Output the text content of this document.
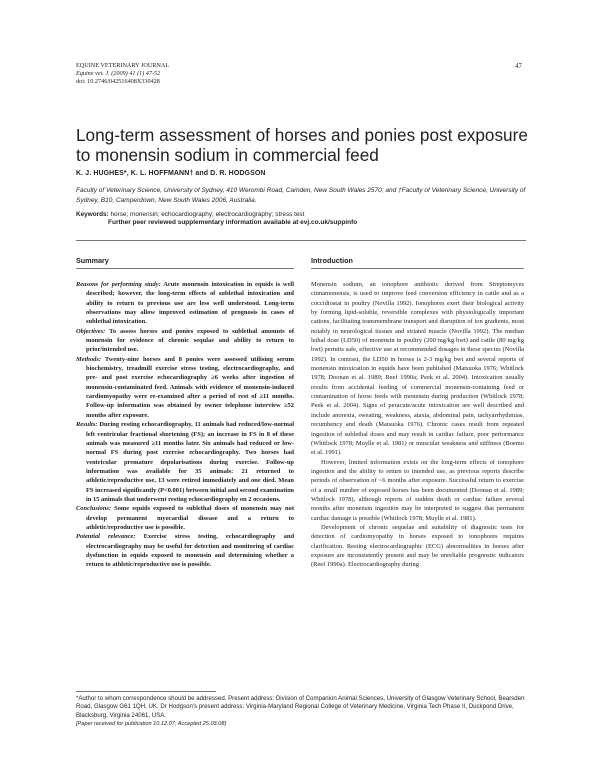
EQUINE VETERINARY JOURNAL
Equine vet. J. (2009) 41 (1) 47-52
doi: 10.2746/042516408X330428
47
Long-term assessment of horses and ponies post exposure to monensin sodium in commercial feed
K. J. HUGHES*, K. L. HOFFMANN† and D. R. HODGSON
Faculty of Veterinary Science, University of Sydney, 410 Werombi Road, Camden, New South Wales 2570; and †Faculty of Veterinary Science, University of Sydney, B10, Camperdown, New South Wales 2006, Australia.
Keywords: horse; monensin; echocardiography; electrocardiography; stress test
Further peer reviewed supplementary information available at evj.co.uk/suppinfo
Summary	Introduction

Reasons for performing study: Acute monensin intoxication in equids is well described; however, the long-term effects of sublethal intoxication and ability to return to previous use are less well understood. Long-term observations may allow improved estimation of prognosis in cases of sublethal intoxication.

Objectives: To assess horses and ponies exposed to sublethal amounts of monensin for evidence of chronic sequlae and ability to return to prior/intended use.

Methods: Twenty-nine horses and 8 ponies were assessed utilising serum biochemistry, treadmill exercise stress testing, electrocardiography, and pre- and post exercise echocardiography ≥6 weeks after ingestion of monensin-contaminated feed. Animals with evidence of monensin-induced cardiomyopathy were re-examined after a period of rest of ≥11 months. Follow-up information was obtained by owner telephone interview ≥52 months after exposure.

Results: During resting echocardiography, 11 animals had reduced/low-normal left ventricular fractional shortening (FS); an increase in FS in 8 of these animals was measured ≥11 months later. Six animals had reduced or low-normal FS during post exercise echocardiography. Two horses had ventricular premature depolarisations during exercise. Follow-up information was available for 35 animals: 21 returned to athletic/reproductive use, 13 were retired immediately and one died. Mean FS increased significantly (P<0.001) between initial and second examination in 15 animals that underwent resting echocardiography on 2 occasions.

Conclusions: Some equids exposed to sublethal doses of monensin may not develop permanent myocardial disease and a return to athletic/reproductive use is possible.

Potential relevance: Exercise stress testing, echocardiography and electrocardiography may be useful for detection and monitoring of cardiac dysfunction in equids exposed to monensin and determining whether a return to athletic/reproductive use is possible.

Monensin sodium, an ionophore antibiotic derived from Streptomyces cinnamonensis, is used to improve feed conversion efficiency in cattle and as a coccidiostat in poultry (Novilla 1992). Ionophores exert their biological activity by forming lipid-soluble, reversible complexes with physiologically important cations, facilitating transmembrane transport and disruption of ion gradients, most notably in neurological tissues and striated muscle (Novilla 1992). The median lethal dose (LD50) of monensin in poultry (200 mg/kg bwt) and cattle (80 mg/kg bwt) permits safe, effective use at recommended dosages in these species (Novilla 1992). In contrast, the LD50 in horses is 2-3 mg/kg bwt and several reports of monensin intoxication in equids have been published (Matsuoka 1976; Whitlock 1978; Doonan et al. 1989; Reef 1990a; Peek et al. 2004). Intoxication usually results from accidental feeding of commercial monensin-containing feed or contamination of horse feeds with monensin during production (Whitlock 1978; Peek et al. 2004). Signs of peracute/acute intoxication are well described and include anorexia, sweating, weakness, ataxia, abdominal pain, tachyarrhythmias, recumbency and death (Matsuoka 1976). Chronic cases result from repeated ingestion of sublethal doses and may result in cardiac failure, poor performance (Whitlock 1978; Muylle et al. 1981) or muscular weakness and stiffness (Boemo et al. 1991).

However, limited information exists on the long-term effects of ionophore ingestion and the ability to return to intended use, as previous reports describe periods of observation of <6 months after exposure. Successful return to exercise of a small number of exposed horses has been documented (Doonan et al. 1989; Whitlock 1978), although reports of sudden death or cardiac failure several months after monensin ingestion may be interpreted to suggest that permanent cardiac damage is possible (Whitlock 1978; Muylle et al. 1981).

Development of chronic sequelae and suitability of diagnostic tests for detection of cardiomyopathy in horses exposed to ionophores requires clarification. Resting electrocardiographic (ECG) abnormalities in horses after exposure are inconsistently present and may be unreliable prognostic indicators (Reef 1990a). Electrocardiography during

*Author to whom correspondence should be addressed. Present address: Division of Companion Animal Sciences, University of Glasgow Veterinary School, Bearsden Road, Glasgow G61 1QH, UK. Dr Hodgson's present address: Virginia-Maryland Regional College of Veterinary Medicine, Virginia Tech Phase II, Duckpond Drive, Blacksburg, Virginia 24061, USA.
[Paper received for publication 10.12.07; Accepted 25.03.08]
